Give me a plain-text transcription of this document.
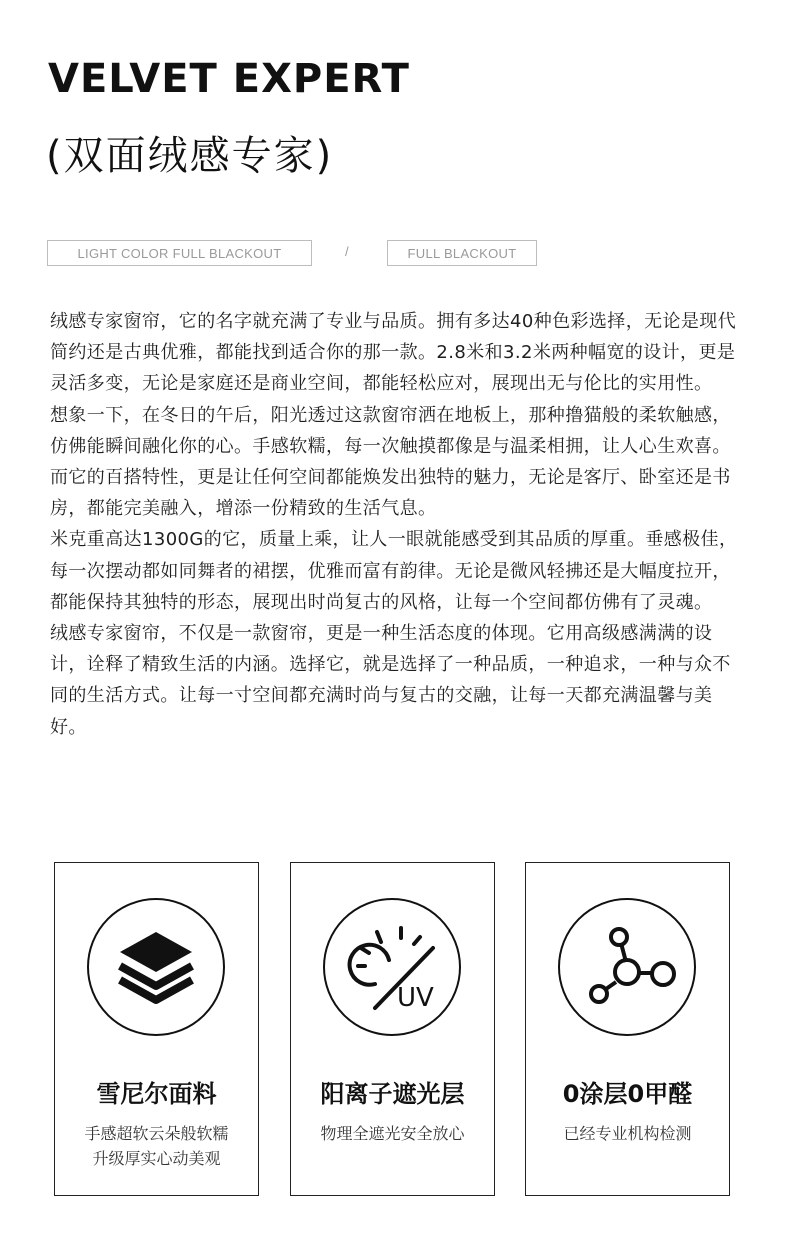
VELVET EXPERT
(双面绒感专家)
LIGHT COLOR FULL BLACKOUT	/	FULL BLACKOUT

绒感专家窗帘，它的名字就充满了专业与品质。拥有多达40种色彩选择，无论是现代简约还是古典优雅，都能找到适合你的那一款。2.8米和3.2米两种幅宽的设计，更是灵活多变，无论是家庭还是商业空间，都能轻松应对，展现出无与伦比的实用性。

想象一下，在冬日的午后，阳光透过这款窗帘洒在地板上，那种撸猫般的柔软触感，仿佛能瞬间融化你的心。手感软糯，每一次触摸都像是与温柔相拥，让人心生欢喜。而它的百搭特性，更是让任何空间都能焕发出独特的魅力，无论是客厅、卧室还是书房，都能完美融入，增添一份精致的生活气息。

米克重高达1300G的它，质量上乘，让人一眼就能感受到其品质的厚重。垂感极佳，每一次摆动都如同舞者的裙摆，优雅而富有韵律。无论是微风轻拂还是大幅度拉开，都能保持其独特的形态，展现出时尚复古的风格，让每一个空间都仿佛有了灵魂。

绒感专家窗帘，不仅是一款窗帘，更是一种生活态度的体现。它用高级感满满的设计，诠释了精致生活的内涵。选择它，就是选择了一种品质，一种追求，一种与众不同的生活方式。让每一寸空间都充满时尚与复古的交融，让每一天都充满温馨与美好。

雪尼尔面料
手感超软云朵般软糯
升级厚实心动美观
UV
阳离子遮光层
物理全遮光安全放心
0涂层0甲醛
已经专业机构检测
